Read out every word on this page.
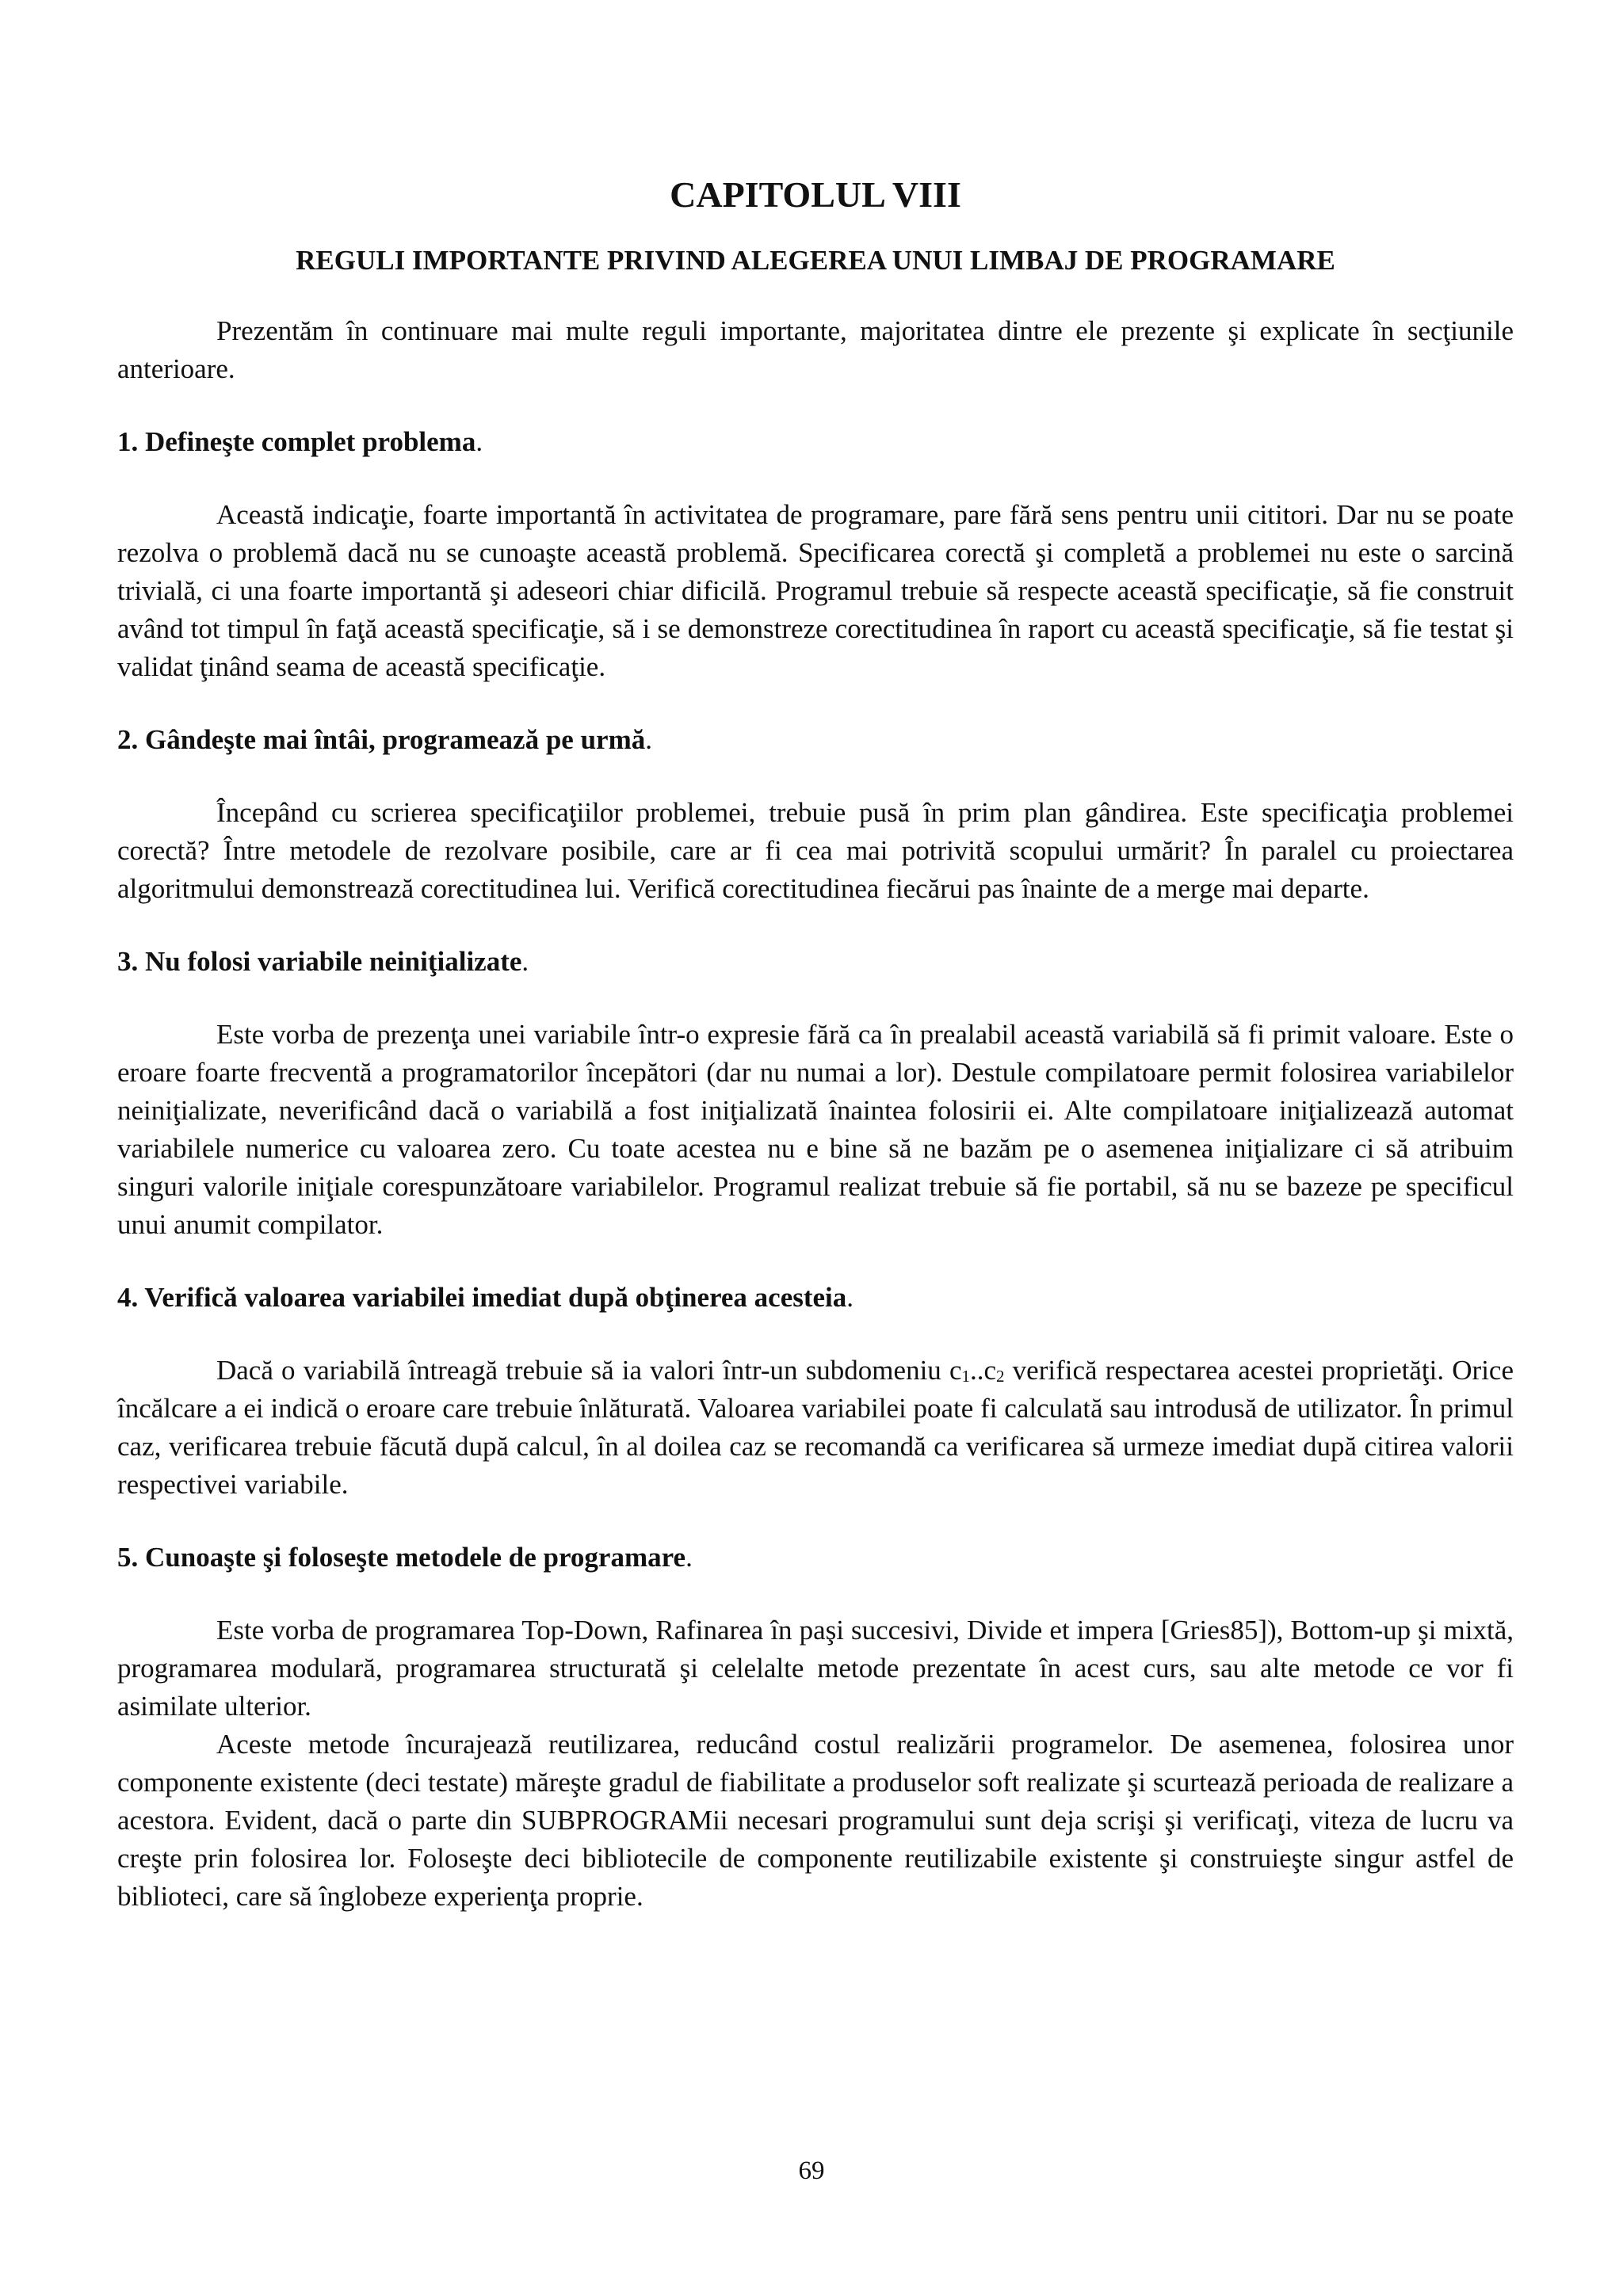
CAPITOLUL VIII
REGULI IMPORTANTE PRIVIND ALEGEREA UNUI LIMBAJ DE PROGRAMARE

Prezentăm în continuare mai multe reguli importante, majoritatea dintre ele prezente şi explicate în secţiunile anterioare.

1. Defineşte complet problema.

Această indicaţie, foarte importantă în activitatea de programare, pare fără sens pentru unii cititori. Dar nu se poate rezolva o problemă dacă nu se cunoaşte această problemă. Specificarea corectă şi completă a problemei nu este o sarcină trivială, ci una foarte importantă şi adeseori chiar dificilă. Programul trebuie să respecte această specificaţie, să fie construit având tot timpul în faţă această specificaţie, să i se demonstreze corectitudinea în raport cu această specificaţie, să fie testat şi validat ţinând seama de această specificaţie.

2. Gândeşte mai întâi, programează pe urmă.

Începând cu scrierea specificaţiilor problemei, trebuie pusă în prim plan gândirea. Este specificaţia problemei corectă? Între metodele de rezolvare posibile, care ar fi cea mai potrivită scopului urmărit? În paralel cu proiectarea algoritmului demonstrează corectitudinea lui. Verifică corectitudinea fiecărui pas înainte de a merge mai departe.

3. Nu folosi variabile neiniţializate.

Este vorba de prezenţa unei variabile într-o expresie fără ca în prealabil această variabilă să fi primit valoare. Este o eroare foarte frecventă a programatorilor începători (dar nu numai a lor). Destule compilatoare permit folosirea variabilelor neiniţializate, neverificând dacă o variabilă a fost iniţializată înaintea folosirii ei. Alte compilatoare iniţializează automat variabilele numerice cu valoarea zero. Cu toate acestea nu e bine să ne bazăm pe o asemenea iniţializare ci să atribuim singuri valorile iniţiale corespunzătoare variabilelor. Programul realizat trebuie să fie portabil, să nu se bazeze pe specificul unui anumit compilator.

4. Verifică valoarea variabilei imediat după obţinerea acesteia.

Dacă o variabilă întreagă trebuie să ia valori într-un subdomeniu $c_1..c_2$ verifică respectarea acestei proprietăţi. Orice încălcare a ei indică o eroare care trebuie înlăturată. Valoarea variabilei poate fi calculată sau introdusă de utilizator. În primul caz, verificarea trebuie făcută după calcul, în al doilea caz se recomandă ca verificarea să urmeze imediat după citirea valorii respectivei variabile.

5. Cunoaşte şi foloseşte metodele de programare.

Este vorba de programarea Top-Down, Rafinarea în paşi succesivi, Divide et impera [Gries85]), Bottom-up şi mixtă, programarea modulară, programarea structurată şi celelalte metode prezentate în acest curs, sau alte metode ce vor fi asimilate ulterior.

Aceste metode încurajează reutilizarea, reducând costul realizării programelor. De asemenea, folosirea unor componente existente (deci testate) măreşte gradul de fiabilitate a produselor soft realizate şi scurtează perioada de realizare a acestora. Evident, dacă o parte din SUBPROGRAMii necesari programului sunt deja scrişi şi verificaţi, viteza de lucru va creşte prin folosirea lor. Foloseşte deci bibliotecile de componente reutilizabile existente şi construieşte singur astfel de biblioteci, care să înglobeze experienţa proprie.

69
